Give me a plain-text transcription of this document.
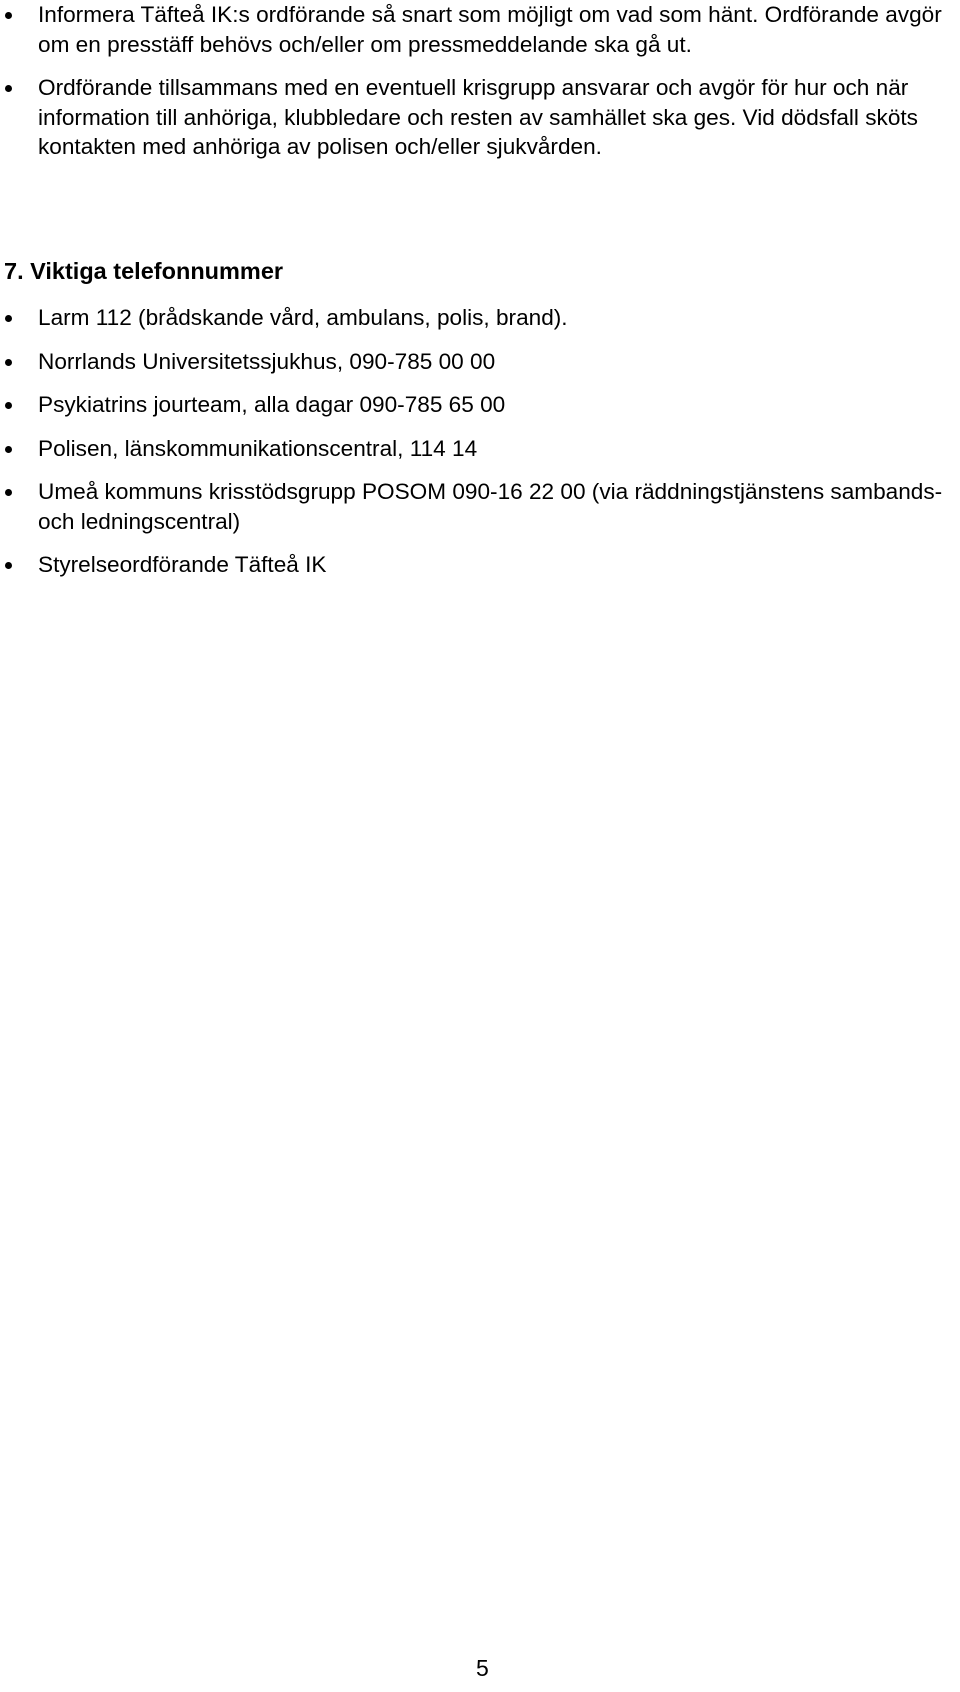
Informera Täfteå IK:s ordförande så snart som möjligt om vad som hänt. Ordförande avgör om en presstäff behövs och/eller om pressmeddelande ska gå ut.
Ordförande tillsammans med en eventuell krisgrupp ansvarar och avgör för hur och när information till anhöriga, klubbledare och resten av samhället ska ges. Vid dödsfall sköts kontakten med anhöriga av polisen och/eller sjukvården.
7. Viktiga telefonnummer
Larm 112 (brådskande vård, ambulans, polis, brand).
Norrlands Universitetssjukhus, 090-785 00 00
Psykiatrins jourteam, alla dagar 090-785 65 00
Polisen, länskommunikationscentral, 114 14
Umeå kommuns krisstödsgrupp POSOM 090-16 22 00 (via räddningstjänstens sambands- och ledningscentral)
Styrelseordförande Täfteå IK
5
